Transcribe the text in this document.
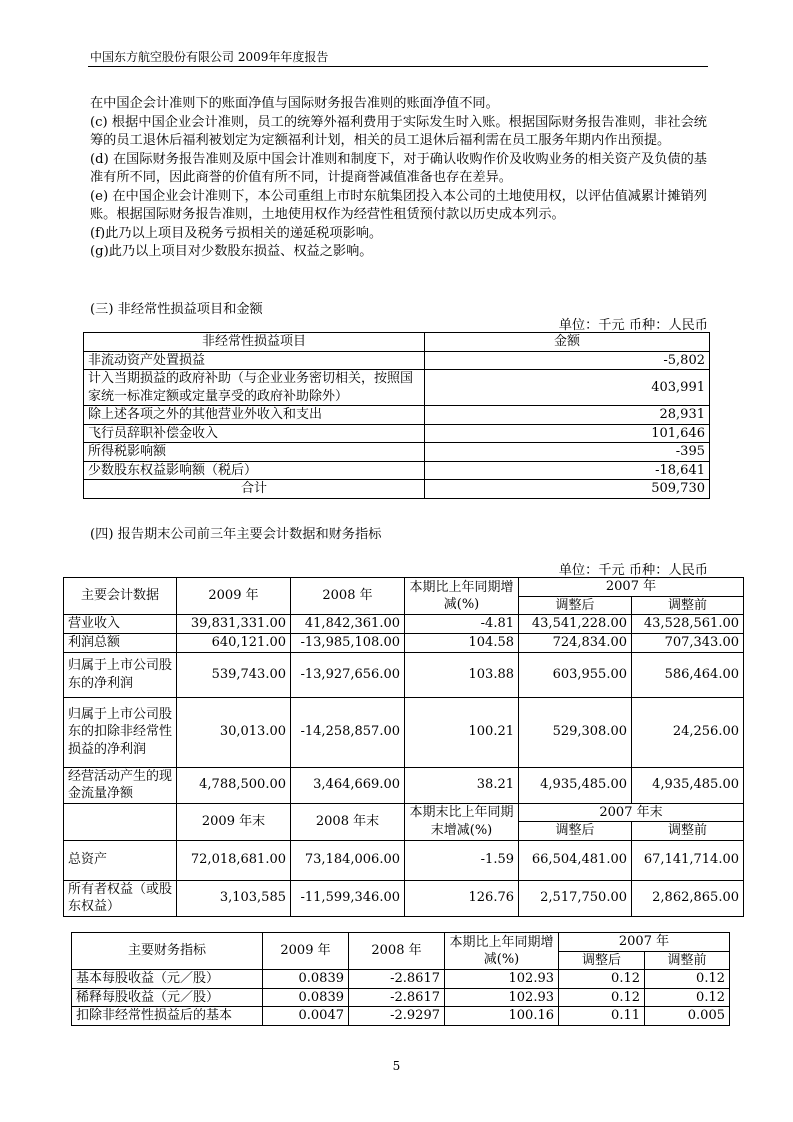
中国东方航空股份有限公司 2009年年度报告

在中国企会计准则下的账面净值与国际财务报告准则的账面净值不同。

(c) 根据中国企业会计准则，员工的统筹外福利费用于实际发生时入账。根据国际财务报告准则，非社会统筹的员工退休后福利被划定为定额福利计划，相关的员工退休后福利需在员工服务年期内作出预提。

(d) 在国际财务报告准则及原中国会计准则和制度下，对于确认收购作价及收购业务的相关资产及负债的基准有所不同，因此商誉的价值有所不同，计提商誉减值准备也存在差异。

(e) 在中国企业会计准则下，本公司重组上市时东航集团投入本公司的土地使用权，以评估值减累计摊销列账。根据国际财务报告准则，土地使用权作为经营性租赁预付款以历史成本列示。

(f)此乃以上项目及税务亏损相关的递延税项影响。

(g)此乃以上项目对少数股东损益、权益之影响。

(三) 非经常性损益项目和金额
单位：千元 币种：人民币
非经常性损益项目	金额
非流动资产处置损益	-5,802
计入当期损益的政府补助（与企业业务密切相关，按照国家统一标准定额或定量享受的政府补助除外）	403,991
除上述各项之外的其他营业外收入和支出	28,931
飞行员辞职补偿金收入	101,646
所得税影响额	-395
少数股东权益影响额（税后）	-18,641
合计	509,730
(四) 报告期末公司前三年主要会计数据和财务指标
单位：千元 币种：人民币
主要会计数据	2009 年	2008 年	本期比上年同期增减(%)	2007 年	
				调整后	调整前
营业收入	39,831,331.00	41,842,361.00	-4.81	43,541,228.00	43,528,561.00
利润总额	640,121.00	-13,985,108.00	104.58	724,834.00	707,343.00
归属于上市公司股东的净利润	539,743.00	-13,927,656.00	103.88	603,955.00	586,464.00
归属于上市公司股东的扣除非经常性损益的净利润	30,013.00	-14,258,857.00	100.21	529,308.00	24,256.00
经营活动产生的现金流量净额	4,788,500.00	3,464,669.00	38.21	4,935,485.00	4,935,485.00
	2009 年末	2008 年末	本期末比上年同期末增减(%)	2007 年末	
				调整后	调整前
总资产	72,018,681.00	73,184,006.00	-1.59	66,504,481.00	67,141,714.00
所有者权益（或股东权益）	3,103,585	-11,599,346.00	126.76	2,517,750.00	2,862,865.00
主要财务指标	2009 年	2008 年	本期比上年同期增减(%)	2007 年	
				调整后	调整前
基本每股收益（元／股）	0.0839	-2.8617	102.93	0.12	0.12
稀释每股收益（元／股）	0.0839	-2.8617	102.93	0.12	0.12
扣除非经常性损益后的基本	0.0047	-2.9297	100.16	0.11	0.005
5
